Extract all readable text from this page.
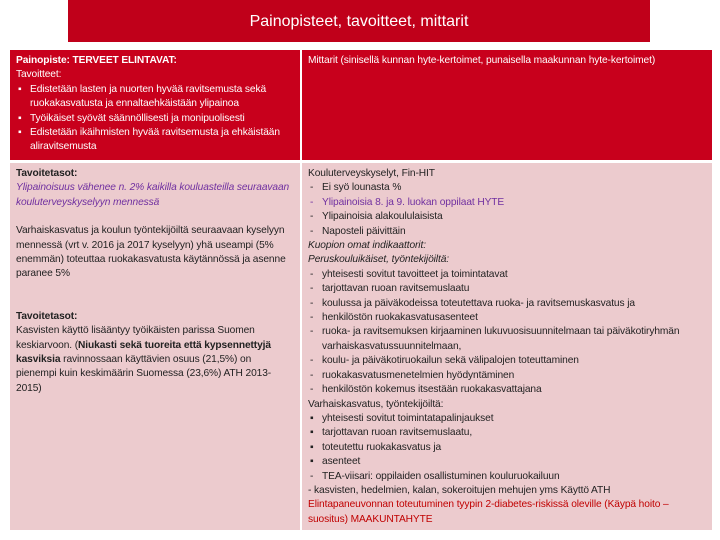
Painopisteet, tavoitteet, mittarit
Painopiste: TERVEET ELINTAVAT:
Tavoitteet:
▪ Edistetään lasten ja nuorten hyvää ravitsemusta sekä ruokakasvatusta ja ennaltaehkäistään ylipainoa
▪ Työikäiset syövät säännöllisesti ja monipuolisesti
▪ Edistetään ikäihmisten hyvää ravitsemusta ja ehkäistään aliravitsemusta
Mittarit (sinisellä kunnan hyte-kertoimet, punaisella maakunnan hyte-kertoimet)
Tavoitetasot:
Ylipainoisuus vähenee n. 2% kaikilla kouluasteilla seuraavaan kouluterveyskyselyyn mennessä
Varhaiskasvatus ja koulun työntekijöiltä seuraavaan kyselyyn mennessä (vrt v. 2016 ja 2017 kyselyyn) yhä useampi (5% enemmän) toteuttaa ruokakasvatusta käytännössä ja asenne paranee 5%
Tavoitetasot:
Kasvisten käyttö lisääntyy työikäisten parissa Suomen keskiarvoon. (Niukasti sekä tuoreita että kypsennettyjä kasviksia ravinnossaan käyttävien osuus (21,5%) on pienempi kuin keskimäärin Suomessa (23,6%) ATH 2013-2015)
Kouluterveyskyselyt, Fin-HIT
- Ei syö lounasta %
- Ylipainoisia 8. ja 9. luokan oppilaat HYTE
- Ylipainoisia alakoululaisista
- Naposteli päivittäin
Kuopion omat indikaattorit:
Peruskouluikäiset, työntekijöiltä:
- yhteisesti sovitut tavoitteet ja toimintatavat
- tarjottavan ruoan ravitsemuslaatu
- koulussa ja päiväkodeissa toteutettava ruoka- ja ravitsemuskasvatus ja
- henkilöstön ruokakasvatusasenteet
- ruoka- ja ravitsemuksen kirjaaminen lukuvuosisuunnitelmaan tai päiväkotiryhmän varhaiskasvatussuunnitelmaan,
- koulu- ja päiväkotiruokailun sekä välipalojen toteuttaminen
- ruokakasvatusmenetelmien hyödyntäminen
- henkilöstön kokemus itsestään ruokakasvattajana
Varhaiskasvatus, työntekijöiltä:
▪ yhteisesti sovitut toimintatapalinjaukset
▪ tarjottavan ruoan ravitsemuslaatu,
▪ toteutettu ruokakasvatus ja
▪ asenteet
- TEA-viisari: oppilaiden osallistuminen kouluruokailuun
- kasvisten, hedelmien, kalan, sokeroitujen mehujen yms Käyttö ATH
Elintapaneuvonnan toteutuminen tyypin 2-diabetes-riskissä oleville (Käypä hoito – suositus) MAAKUNTAHYTE
